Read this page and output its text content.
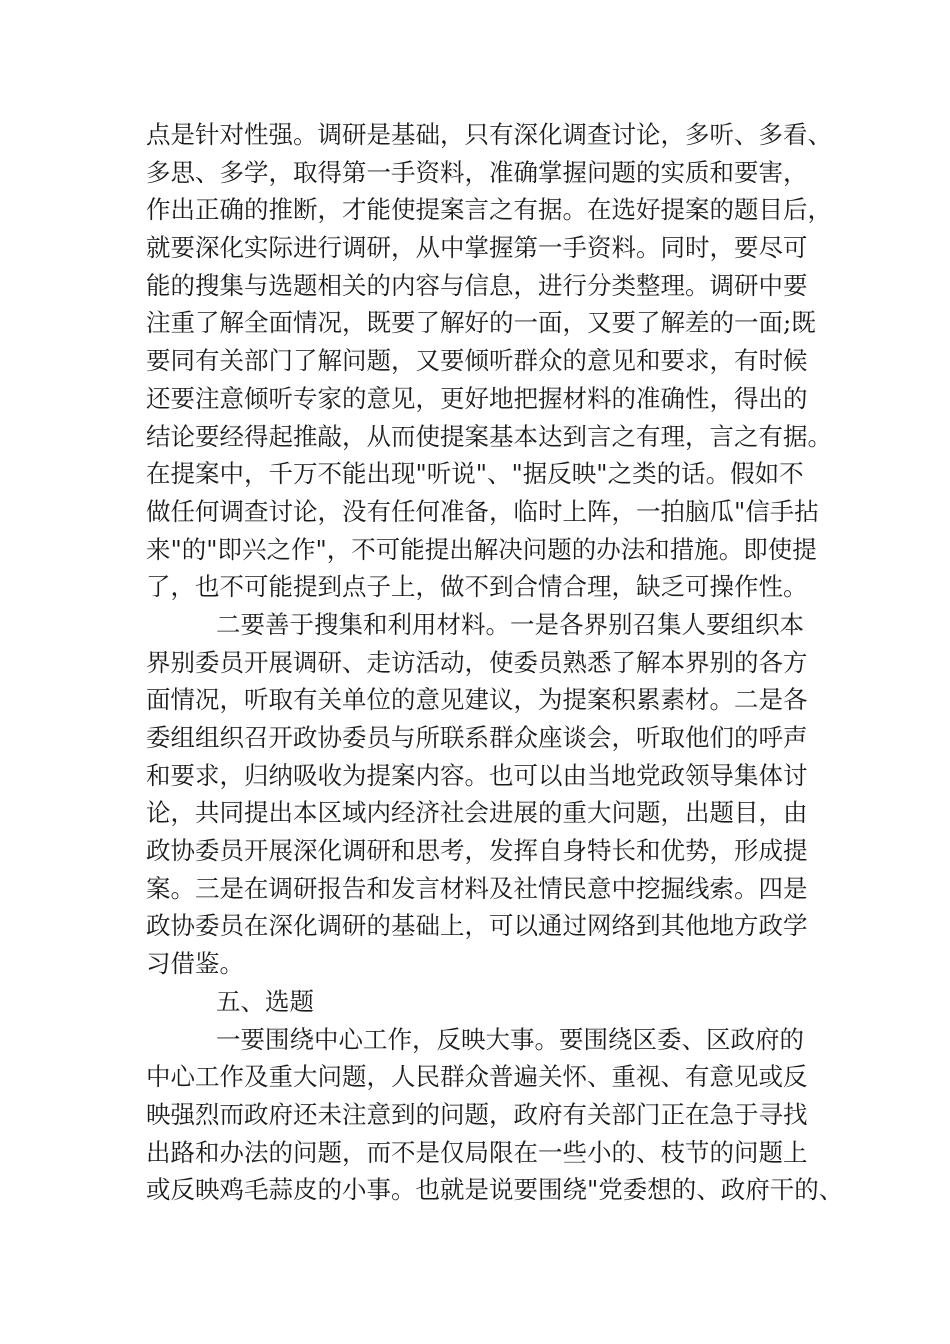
点是针对性强。调研是基础，只有深化调查讨论，多听、多看、
多思、多学，取得第一手资料，准确掌握问题的实质和要害，
作出正确的推断，才能使提案言之有据。在选好提案的题目后，
就要深化实际进行调研，从中掌握第一手资料。同时，要尽可
能的搜集与选题相关的内容与信息，进行分类整理。调研中要
注重了解全面情况，既要了解好的一面，又要了解差的一面;既
要同有关部门了解问题，又要倾听群众的意见和要求，有时候
还要注意倾听专家的意见，更好地把握材料的准确性，得出的
结论要经得起推敲，从而使提案基本达到言之有理，言之有据。
在提案中，千万不能出现"听说"、"据反映"之类的话。假如不
做任何调查讨论，没有任何准备，临时上阵，一拍脑瓜"信手拈
来"的"即兴之作"，不可能提出解决问题的办法和措施。即使提
了，也不可能提到点子上，做不到合情合理，缺乏可操作性。
二要善于搜集和利用材料。一是各界别召集人要组织本
界别委员开展调研、走访活动，使委员熟悉了解本界别的各方
面情况，听取有关单位的意见建议，为提案积累素材。二是各
委组组织召开政协委员与所联系群众座谈会，听取他们的呼声
和要求，归纳吸收为提案内容。也可以由当地党政领导集体讨
论，共同提出本区域内经济社会进展的重大问题，出题目，由
政协委员开展深化调研和思考，发挥自身特长和优势，形成提
案。三是在调研报告和发言材料及社情民意中挖掘线索。四是
政协委员在深化调研的基础上，可以通过网络到其他地方政学
习借鉴。
五、选题
一要围绕中心工作，反映大事。要围绕区委、区政府的
中心工作及重大问题，人民群众普遍关怀、重视、有意见或反
映强烈而政府还未注意到的问题，政府有关部门正在急于寻找
出路和办法的问题，而不是仅局限在一些小的、枝节的问题上
或反映鸡毛蒜皮的小事。也就是说要围绕"党委想的、政府干的、
